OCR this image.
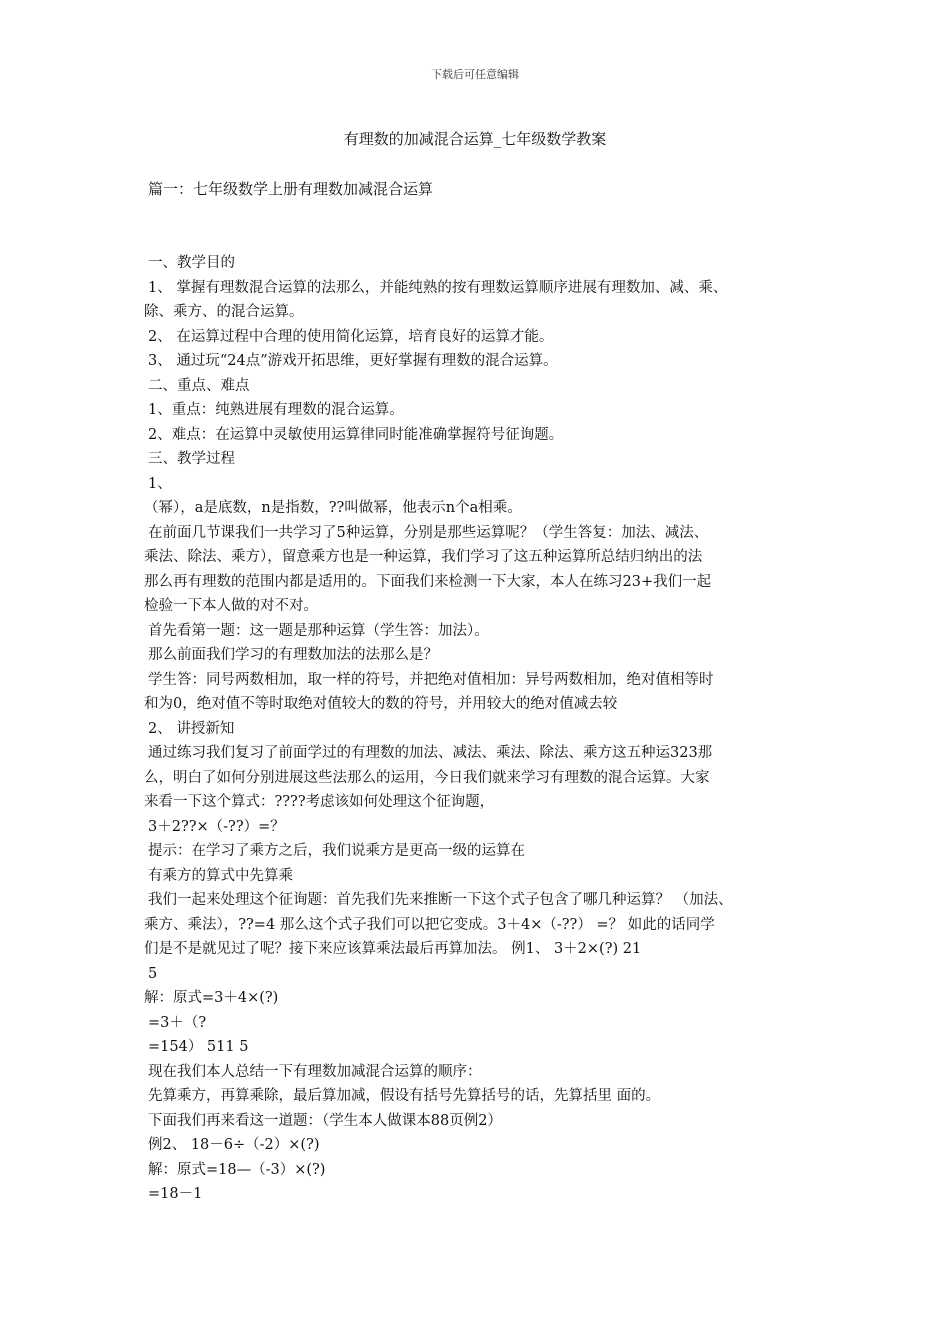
下载后可任意编辑
有理数的加减混合运算_七年级数学教案
篇一：七年级数学上册有理数加减混合运算
一、教学目的
1、 掌握有理数混合运算的法那么，并能纯熟的按有理数运算顺序进展有理数加、减、乘、
除、乘方、的混合运算。
2、 在运算过程中合理的使用简化运算，培育良好的运算才能。
3、 通过玩“24点”游戏开拓思维，更好掌握有理数的混合运算。
二、重点、难点
1、重点：纯熟进展有理数的混合运算。
2、难点：在运算中灵敏使用运算律同时能准确掌握符号征询题。
三、教学过程
1、
（幂），a是底数，n是指数，??叫做幂，他表示n个a相乘。
在前面几节课我们一共学习了5种运算，分别是那些运算呢？（学生答复：加法、减法、
乘法、除法、乘方），留意乘方也是一种运算，我们学习了这五种运算所总结归纳出的法
那么再有理数的范围内都是适用的。下面我们来检测一下大家，本人在练习23+我们一起
检验一下本人做的对不对。
首先看第一题：这一题是那种运算（学生答：加法）。
那么前面我们学习的有理数加法的法那么是？
学生答：同号两数相加，取一样的符号，并把绝对值相加：异号两数相加，绝对值相等时
和为0，绝对值不等时取绝对值较大的数的符号，并用较大的绝对值减去较
2、 讲授新知
通过练习我们复习了前面学过的有理数的加法、减法、乘法、除法、乘方这五种运323那
么，明白了如何分别进展这些法那么的运用，今日我们就来学习有理数的混合运算。大家
来看一下这个算式：????考虑该如何处理这个征询题，
3＋2??×（-??）=？
提示：在学习了乘方之后，我们说乘方是更高一级的运算在
有乘方的算式中先算乘
我们一起来处理这个征询题：首先我们先来推断一下这个式子包含了哪几种运算？ （加法、
乘方、乘法），??=4 那么这个式子我们可以把它变成。3＋4×（-??） =？ 如此的话同学
们是不是就见过了呢？接下来应该算乘法最后再算加法。 例1、 3＋2×(?) 21
5
解：原式=3＋4×(?)
=3＋（?
=154） 511 5
现在我们本人总结一下有理数加减混合运算的顺序：
先算乘方，再算乘除，最后算加减，假设有括号先算括号的话，先算括里 面的。
下面我们再来看这一道题：（学生本人做课本88页例2）
例2、 18－6÷（-2）×(?)
解：原式=18—（-3）×(?)
=18－1
